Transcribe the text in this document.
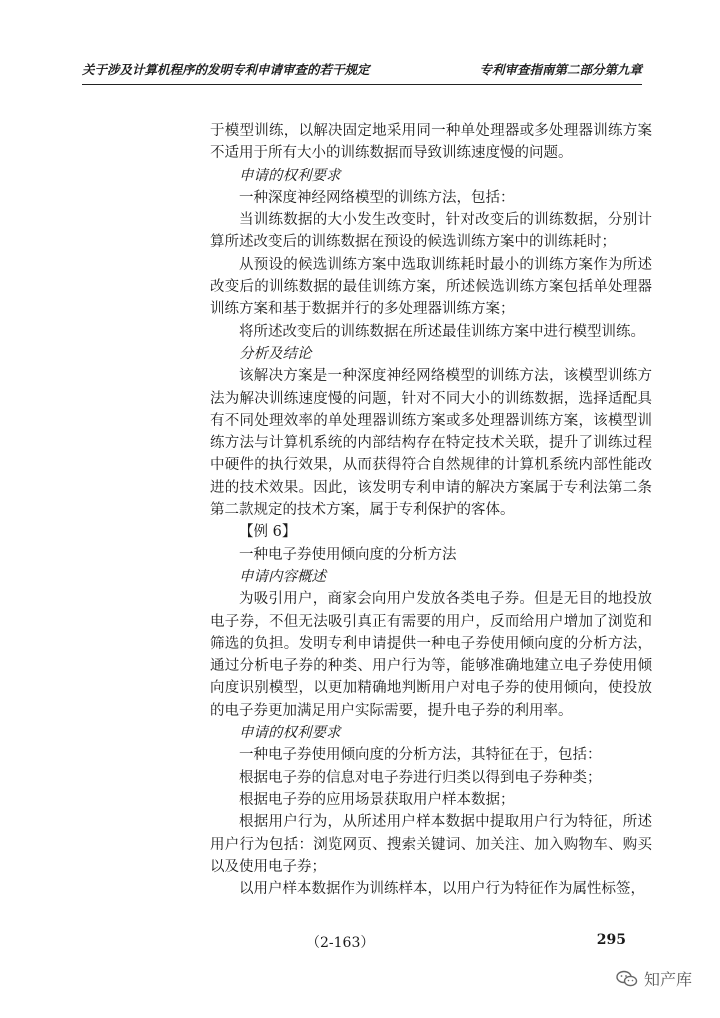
关于涉及计算机程序的发明专利申请审查的若干规定	专利审查指南第二部分第九章

于模型训练，以解决固定地采用同一种单处理器或多处理器训练方案不适用于所有大小的训练数据而导致训练速度慢的问题。

申请的权利要求

一种深度神经网络模型的训练方法，包括：

当训练数据的大小发生改变时，针对改变后的训练数据，分别计算所述改变后的训练数据在预设的候选训练方案中的训练耗时；

从预设的候选训练方案中选取训练耗时最小的训练方案作为所述改变后的训练数据的最佳训练方案，所述候选训练方案包括单处理器训练方案和基于数据并行的多处理器训练方案；

将所述改变后的训练数据在所述最佳训练方案中进行模型训练。

分析及结论

该解决方案是一种深度神经网络模型的训练方法，该模型训练方法为解决训练速度慢的问题，针对不同大小的训练数据，选择适配具有不同处理效率的单处理器训练方案或多处理器训练方案，该模型训练方法与计算机系统的内部结构存在特定技术关联，提升了训练过程中硬件的执行效果，从而获得符合自然规律的计算机系统内部性能改进的技术效果。因此，该发明专利申请的解决方案属于专利法第二条第二款规定的技术方案，属于专利保护的客体。

【例 6】

一种电子券使用倾向度的分析方法

申请内容概述

为吸引用户，商家会向用户发放各类电子券。但是无目的地投放电子券，不但无法吸引真正有需要的用户，反而给用户增加了浏览和筛选的负担。发明专利申请提供一种电子券使用倾向度的分析方法，通过分析电子券的种类、用户行为等，能够准确地建立电子券使用倾向度识别模型，以更加精确地判断用户对电子券的使用倾向，使投放的电子券更加满足用户实际需要，提升电子券的利用率。

申请的权利要求

一种电子券使用倾向度的分析方法，其特征在于，包括：

根据电子券的信息对电子券进行归类以得到电子券种类；

根据电子券的应用场景获取用户样本数据；

根据用户行为，从所述用户样本数据中提取用户行为特征，所述用户行为包括：浏览网页、搜索关键词、加关注、加入购物车、购买以及使用电子券；

以用户样本数据作为训练样本，以用户行为特征作为属性标签，

（2-163）	295
知产库
